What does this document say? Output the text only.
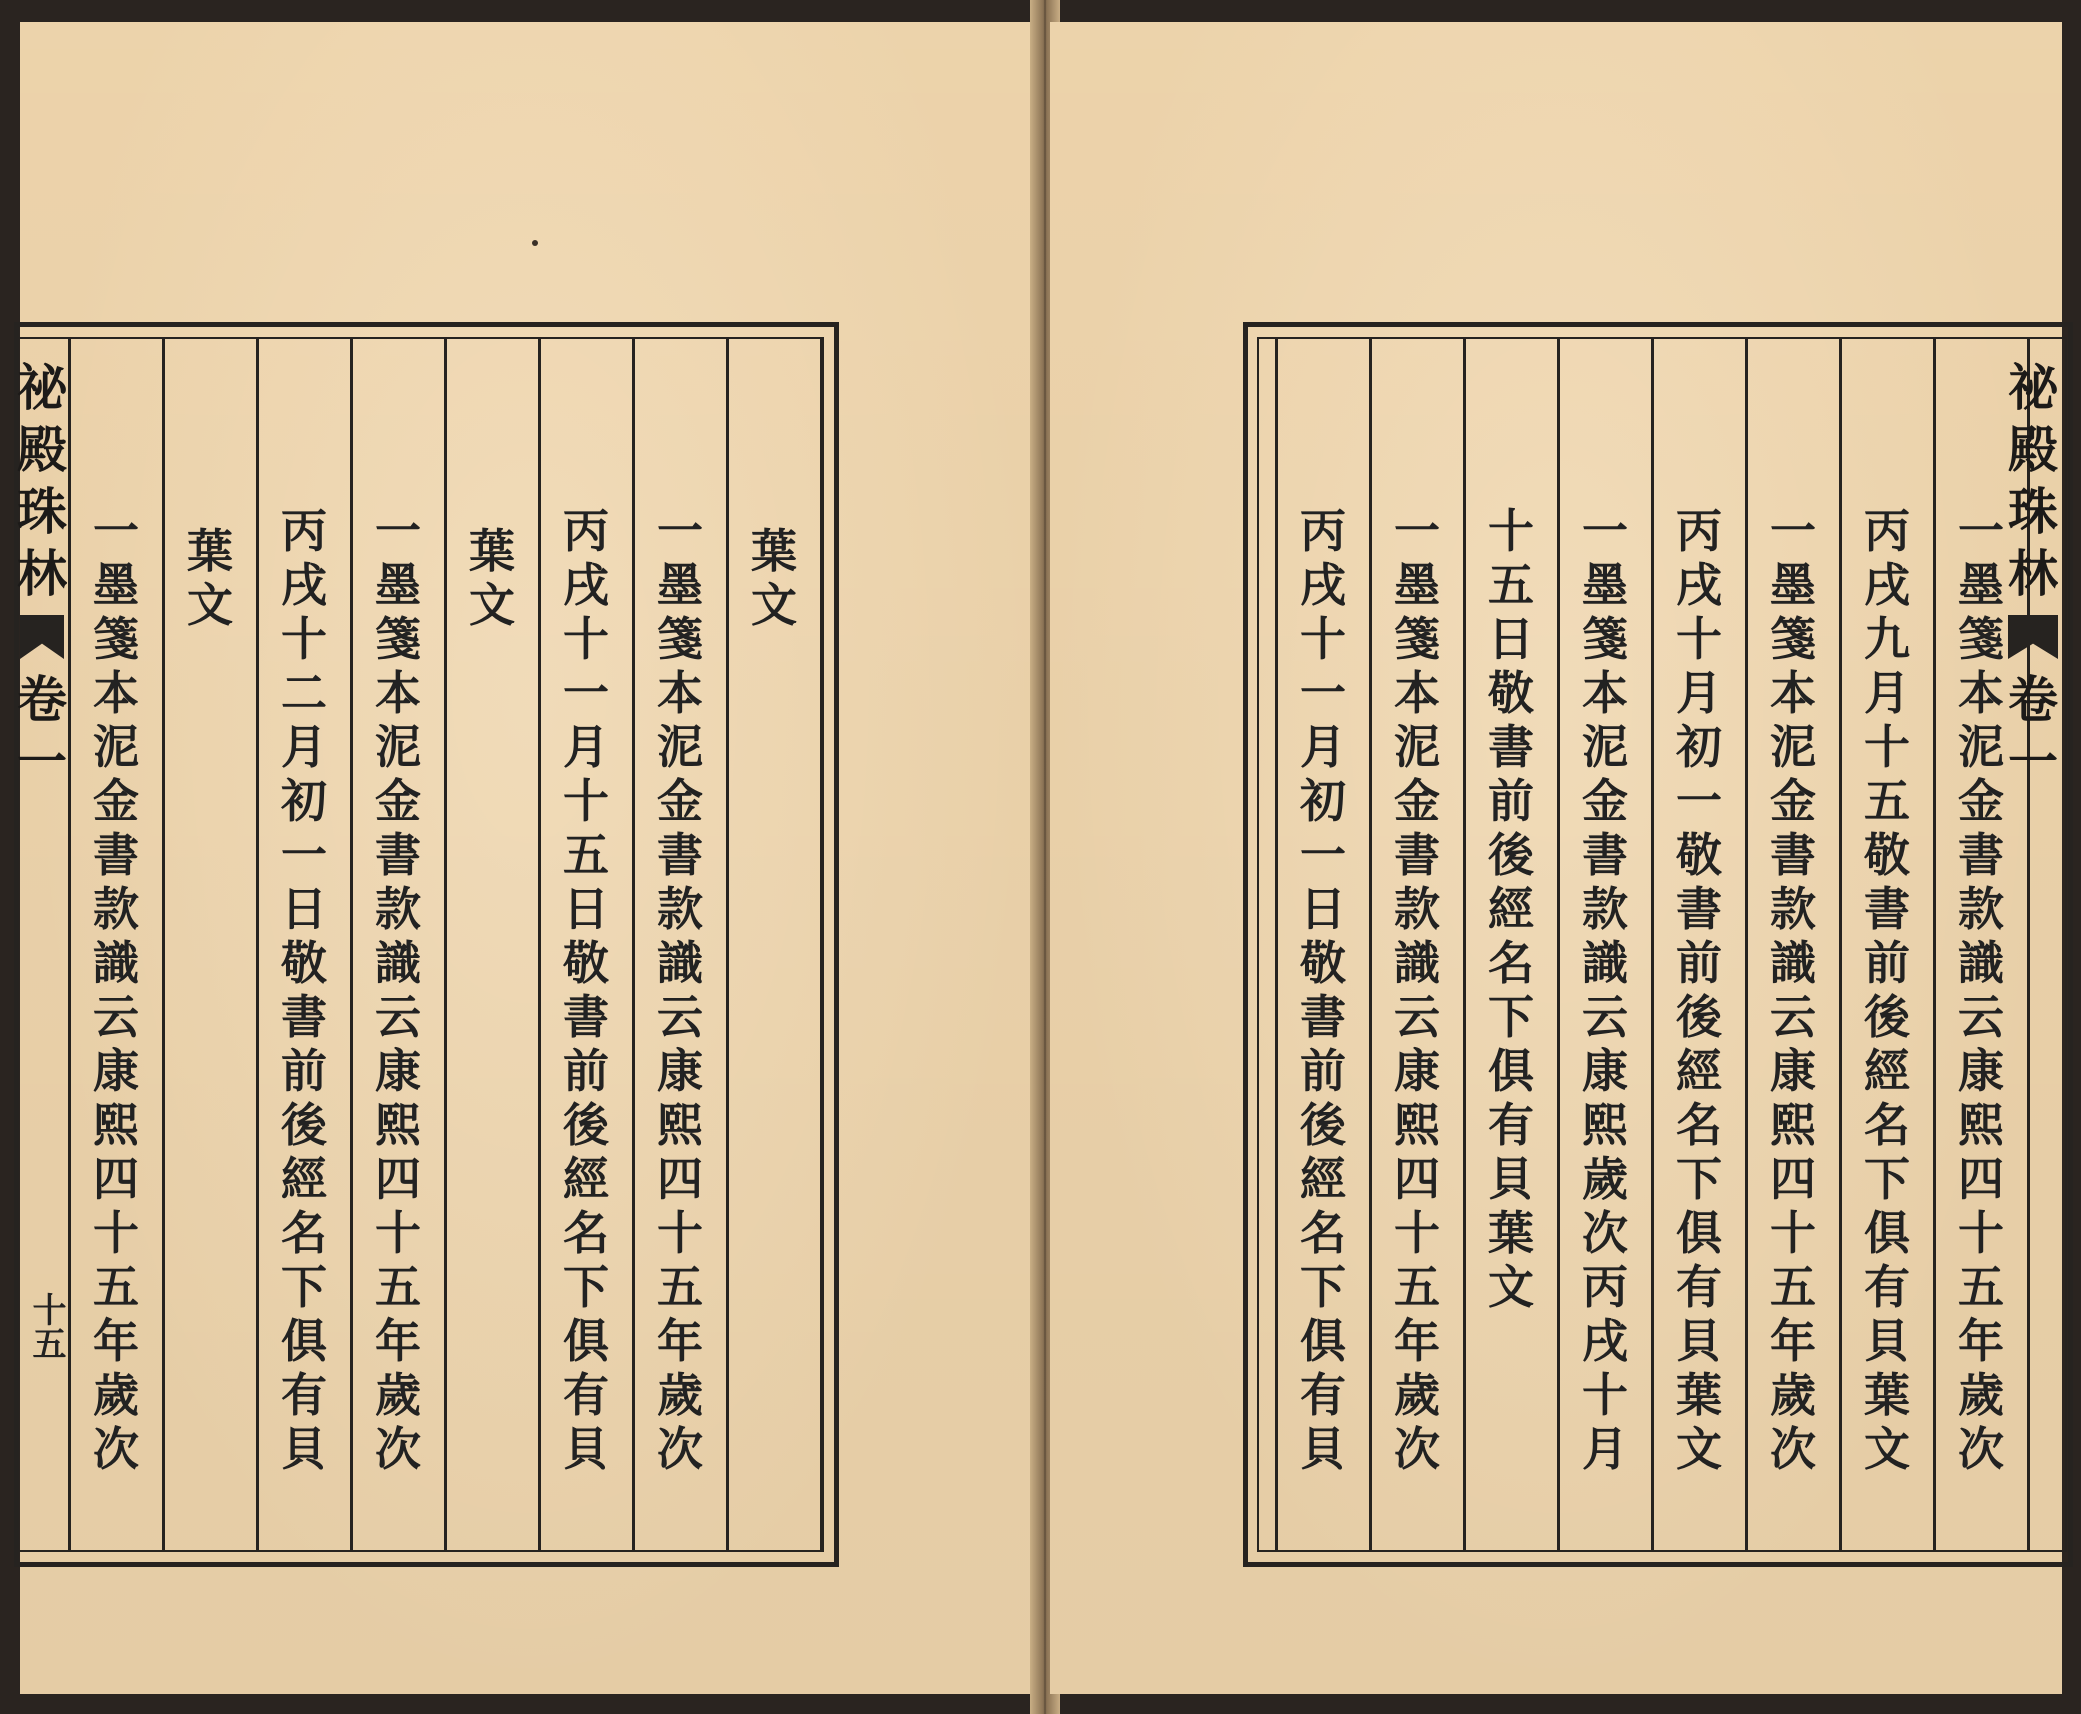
葉
文
一
墨
箋
本
泥
金
書
款
識
云
康
熙
四
十
五
年
歲
次
丙
戌
十
一
月
十
五
日
敬
書
前
後
經
名
下
俱
有
貝
葉
文
一
墨
箋
本
泥
金
書
款
識
云
康
熙
四
十
五
年
歲
次
丙
戌
十
二
月
初
一
日
敬
書
前
後
經
名
下
俱
有
貝
葉
文
一
墨
箋
本
泥
金
書
款
識
云
康
熙
四
十
五
年
歲
次
祕
殿
珠
林
卷
一
十五
一
墨
箋
本
泥
金
書
款
識
云
康
熙
四
十
五
年
歲
次
丙
戌
九
月
十
五
敬
書
前
後
經
名
下
俱
有
貝
葉
文
一
墨
箋
本
泥
金
書
款
識
云
康
熙
四
十
五
年
歲
次
丙
戌
十
月
初
一
敬
書
前
後
經
名
下
俱
有
貝
葉
文
一
墨
箋
本
泥
金
書
款
識
云
康
熙
歲
次
丙
戌
十
月
十
五
日
敬
書
前
後
經
名
下
俱
有
貝
葉
文
一
墨
箋
本
泥
金
書
款
識
云
康
熙
四
十
五
年
歲
次
丙
戌
十
一
月
初
一
日
敬
書
前
後
經
名
下
俱
有
貝
祕
殿
珠
林
卷
一
